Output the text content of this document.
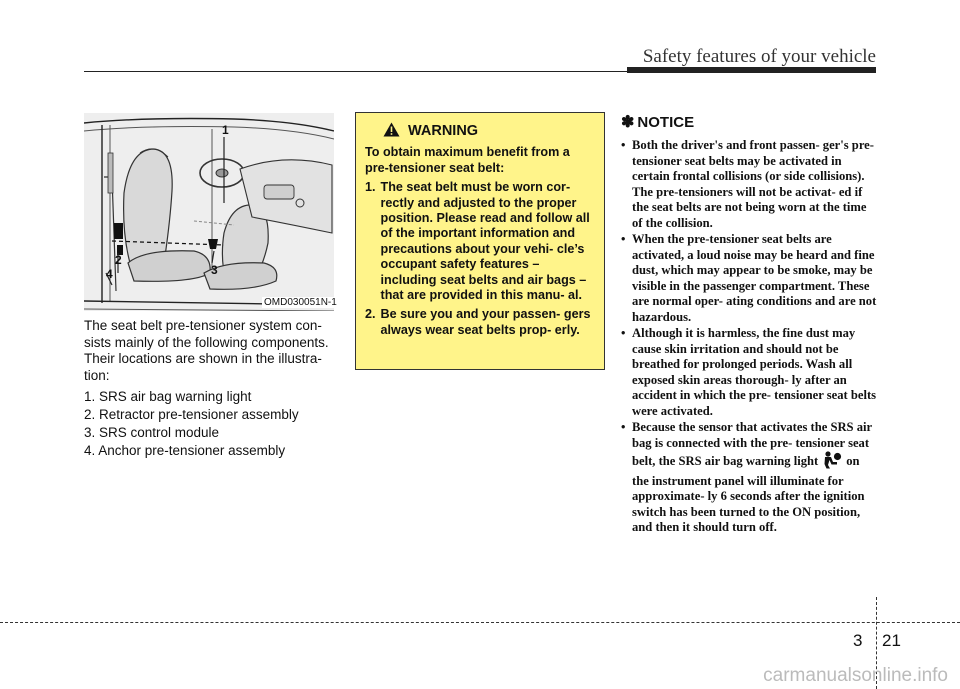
Safety features of your vehicle
1
2
3
4
OMD030051N-1

The seat belt pre-tensioner system con- sists mainly of the following components. Their locations are shown in the illustra- tion:

1. SRS air bag warning light
2. Retractor pre-tensioner assembly
3. SRS control module
4. Anchor pre-tensioner assembly
WARNING

To obtain maximum benefit from a pre-tensioner seat belt:

1. The seat belt must be worn cor- rectly and adjusted to the proper position. Please read and follow all of the important information and precautions about your vehi- cle’s occupant safety features – including seat belts and air bags – that are provided in this manu- al.
2. Be sure you and your passen- gers always wear seat belts prop- erly.
✽ NOTICE
• Both the driver's and front passen- ger's pre-tensioner seat belts may be activated in certain frontal collisions (or side collisions). The pre-tensioners will not be activat- ed if the seat belts are not being worn at the time of the collision.
• When the pre-tensioner seat belts are activated, a loud noise may be heard and fine dust, which may appear to be smoke, may be visible in the passenger compartment. These are normal oper- ating conditions and are not hazardous.
• Although it is harmless, the fine dust may cause skin irritation and should not be breathed for prolonged periods. Wash all exposed skin areas thorough- ly after an accident in which the pre- tensioner seat belts were activated.
• Because the sensor that activates the SRS air bag is connected with the pre- tensioner seat belt, the SRS air bag warning light on the instrument panel will illuminate for approximate- ly 6 seconds after the ignition switch has been turned to the ON position, and then it should turn off.
3 21
carmanualsonline.info
